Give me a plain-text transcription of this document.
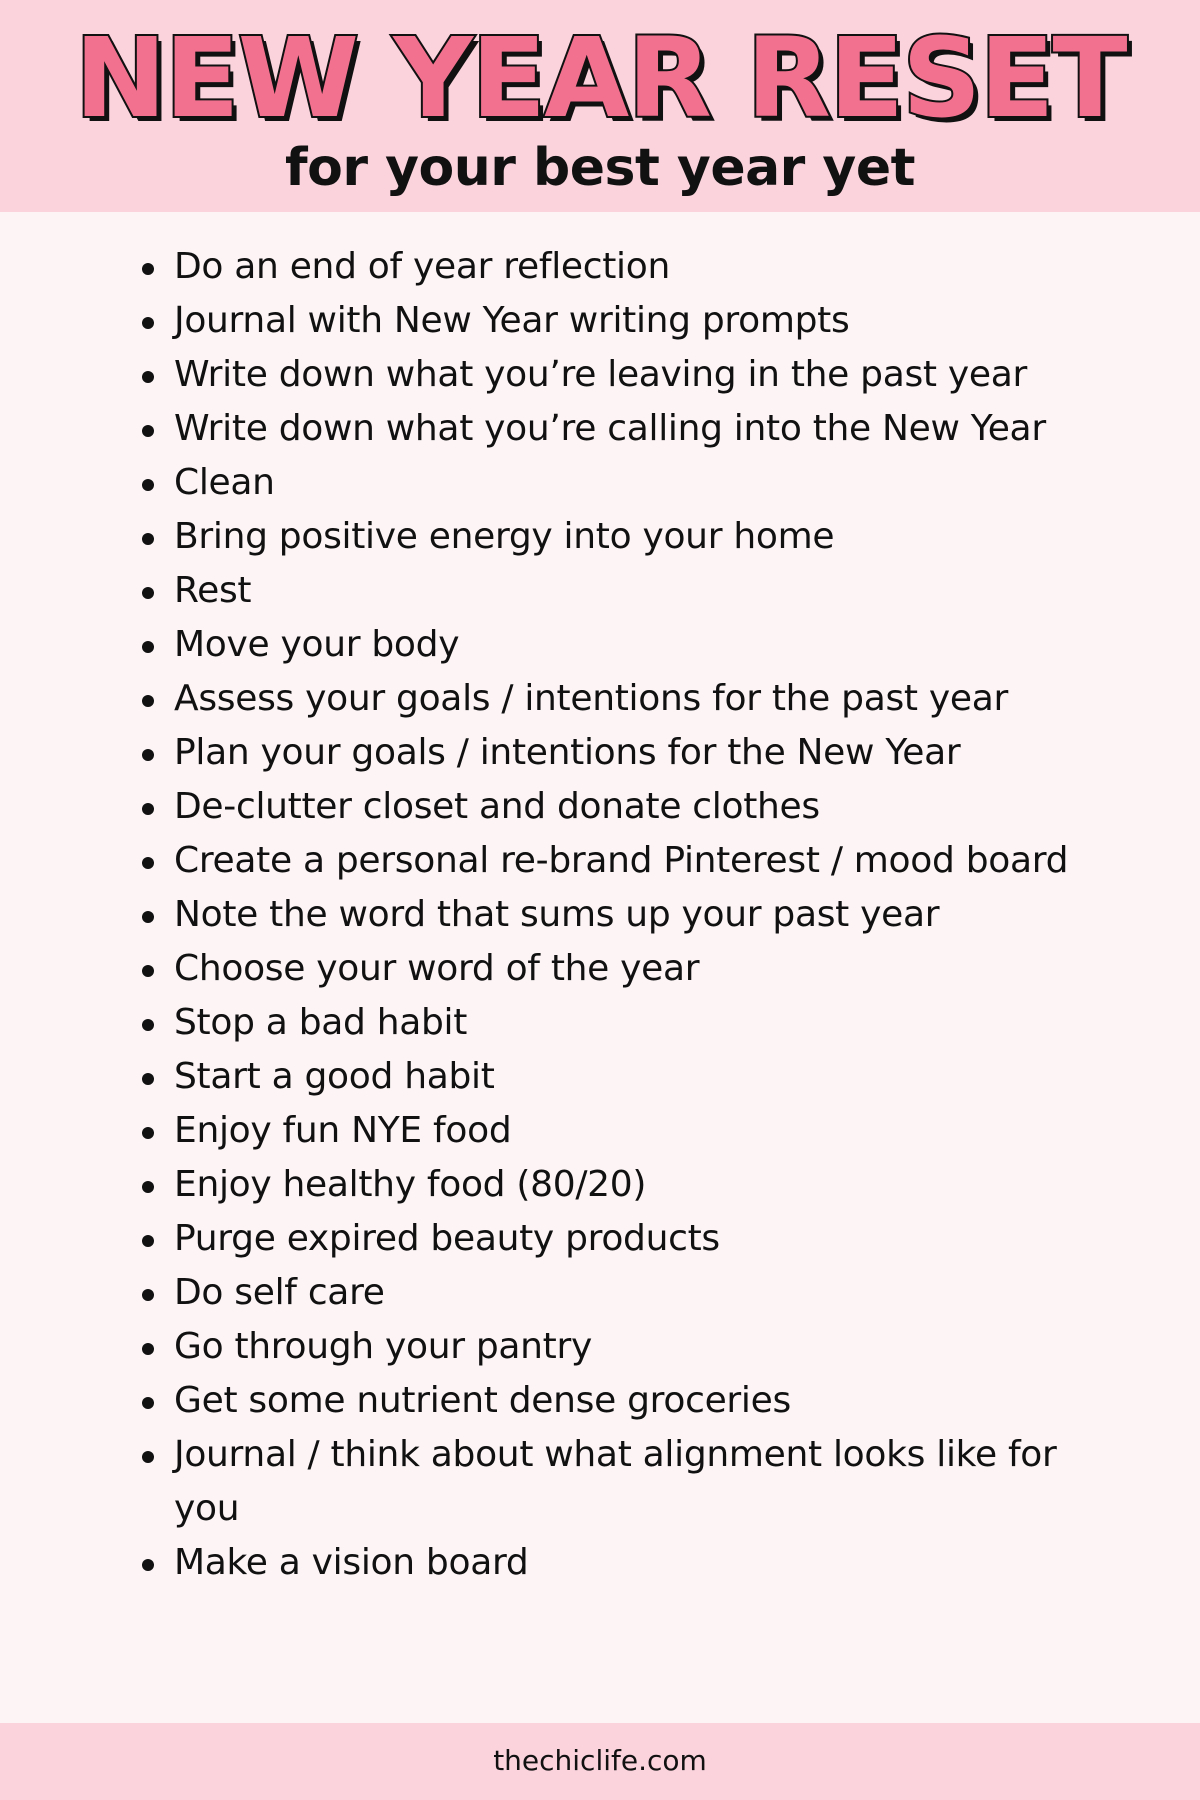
NEW YEAR RESET
for your best year yet
Do an end of year reflection
Journal with New Year writing prompts
Write down what you’re leaving in the past year
Write down what you’re calling into the New Year
Clean
Bring positive energy into your home
Rest
Move your body
Assess your goals / intentions for the past year
Plan your goals / intentions for the New Year
De-clutter closet and donate clothes
Create a personal re-brand Pinterest / mood board
Note the word that sums up your past year
Choose your word of the year
Stop a bad habit
Start a good habit
Enjoy fun NYE food
Enjoy healthy food (80/20)
Purge expired beauty products
Do self care
Go through your pantry
Get some nutrient dense groceries
Journal / think about what alignment looks like for you
Make a vision board
thechiclife.com
